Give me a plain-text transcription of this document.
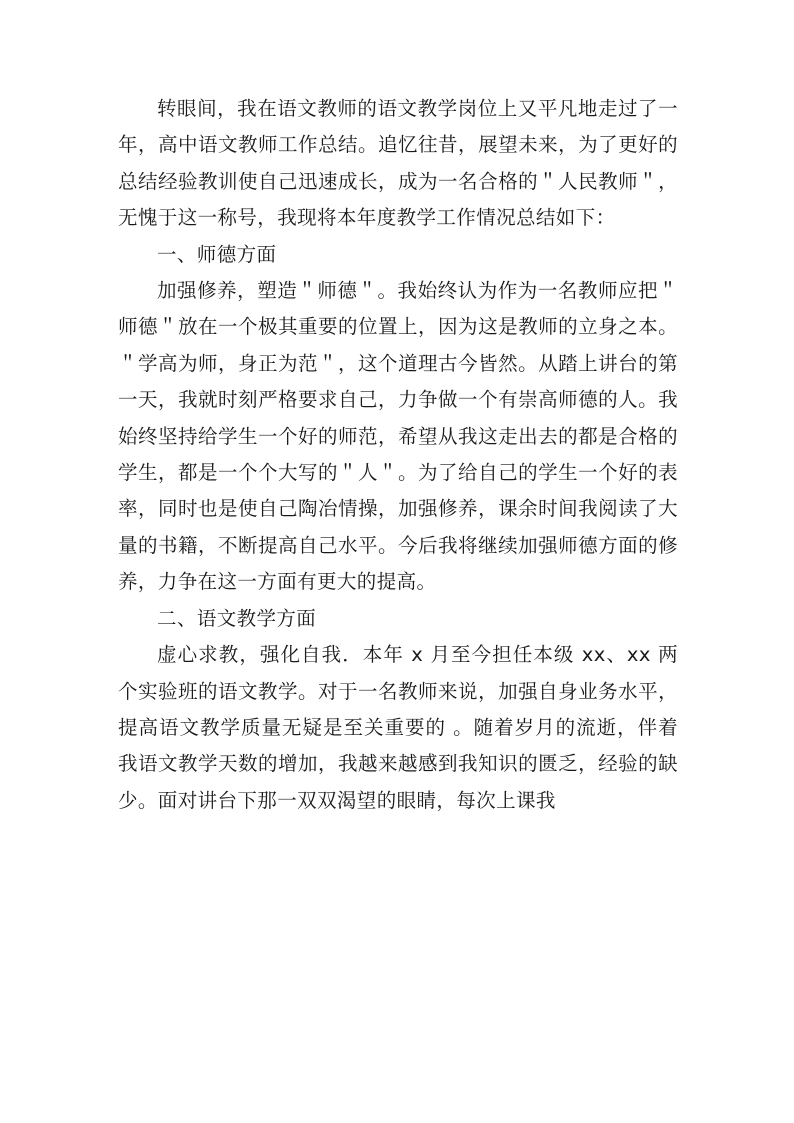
转眼间，我在语文教师的语文教学岗位上又平凡地走过了一年，高中语文教师工作总结。追忆往昔，展望未来，为了更好的总结经验教训使自己迅速成长，成为一名合格的＂人民教师＂，无愧于这一称号，我现将本年度教学工作情况总结如下：

一、师德方面

加强修养，塑造＂师德＂。我始终认为作为一名教师应把＂师德＂放在一个极其重要的位置上，因为这是教师的立身之本。＂学高为师，身正为范＂，这个道理古今皆然。从踏上讲台的第一天，我就时刻严格要求自己，力争做一个有崇高师德的人。我始终坚持给学生一个好的师范，希望从我这走出去的都是合格的学生，都是一个个大写的＂人＂。为了给自己的学生一个好的表率，同时也是使自己陶冶情操，加强修养，课余时间我阅读了大量的书籍，不断提高自己水平。今后我将继续加强师德方面的修养，力争在这一方面有更大的提高。

二、语文教学方面

虚心求教，强化自我．本年 x 月至今担任本级 xx、xx 两个实验班的语文教学。对于一名教师来说，加强自身业务水平，提高语文教学质量无疑是至关重要的 。随着岁月的流逝，伴着我语文教学天数的增加，我越来越感到我知识的匮乏，经验的缺少。面对讲台下那一双双渴望的眼睛，每次上课我
